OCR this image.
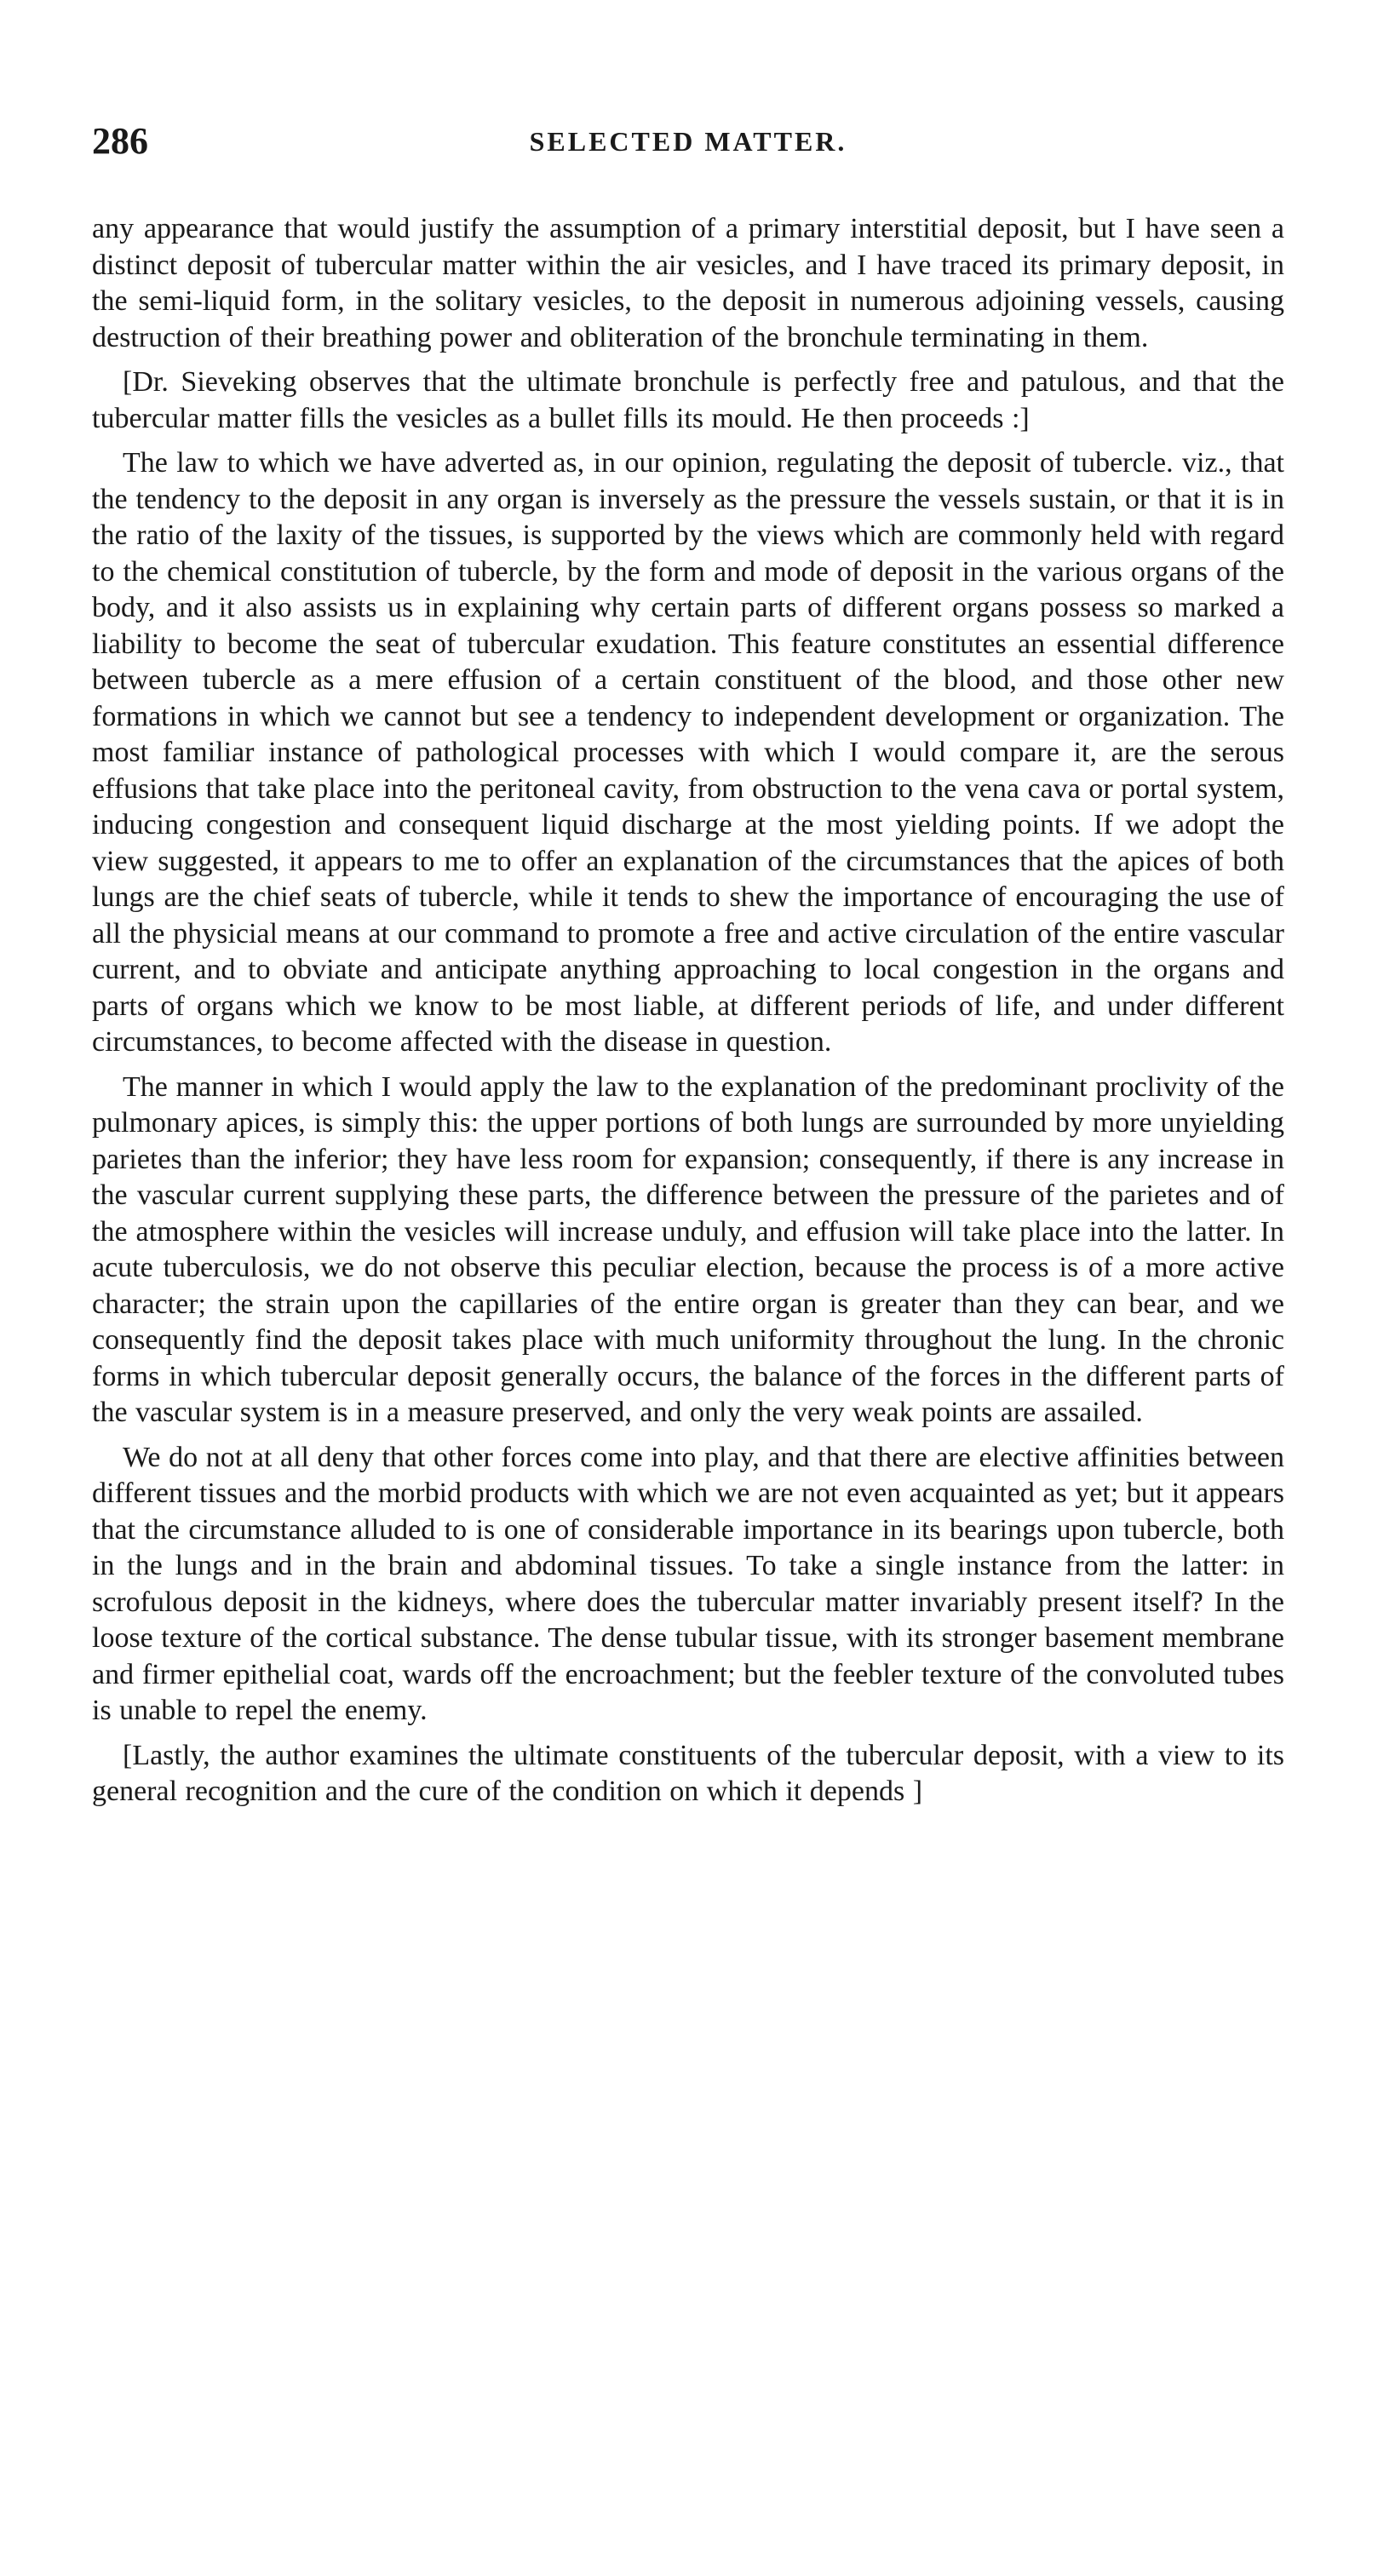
286	SELECTED MATTER.

any appearance that would justify the assumption of a primary interstitial deposit, but I have seen a distinct deposit of tubercular matter within the air vesicles, and I have traced its primary deposit, in the semi-liquid form, in the solitary vesicles, to the deposit in numerous adjoining vessels, causing destruction of their breathing power and obliteration of the bronchule terminating in them.

[Dr. Sieveking observes that the ultimate bronchule is perfectly free and patulous, and that the tubercular matter fills the vesicles as a bullet fills its mould. He then proceeds :]

The law to which we have adverted as, in our opinion, regulating the deposit of tubercle. viz., that the tendency to the deposit in any organ is inversely as the pressure the vessels sustain, or that it is in the ratio of the laxity of the tissues, is supported by the views which are commonly held with regard to the chemical constitution of tubercle, by the form and mode of deposit in the various organs of the body, and it also assists us in explaining why certain parts of different organs possess so marked a liability to become the seat of tubercular exudation. This feature constitutes an essential difference between tubercle as a mere effusion of a certain constituent of the blood, and those other new formations in which we cannot but see a tendency to independent development or organization. The most familiar instance of pathological processes with which I would compare it, are the serous effusions that take place into the peritoneal cavity, from obstruction to the vena cava or portal system, inducing congestion and consequent liquid discharge at the most yielding points. If we adopt the view suggested, it appears to me to offer an explanation of the circumstances that the apices of both lungs are the chief seats of tubercle, while it tends to shew the importance of encouraging the use of all the physicial means at our command to promote a free and active circulation of the entire vascular current, and to obviate and anticipate anything approaching to local congestion in the organs and parts of organs which we know to be most liable, at different periods of life, and under different circumstances, to become affected with the disease in question.

The manner in which I would apply the law to the explanation of the predominant proclivity of the pulmonary apices, is simply this: the upper portions of both lungs are surrounded by more unyielding parietes than the inferior; they have less room for expansion; consequently, if there is any increase in the vascular current supplying these parts, the difference between the pressure of the parietes and of the atmosphere within the vesicles will increase unduly, and effusion will take place into the latter. In acute tuberculosis, we do not observe this peculiar election, because the process is of a more active character; the strain upon the capillaries of the entire organ is greater than they can bear, and we consequently find the deposit takes place with much uniformity throughout the lung. In the chronic forms in which tubercular deposit generally occurs, the balance of the forces in the different parts of the vascular system is in a measure preserved, and only the very weak points are assailed.

We do not at all deny that other forces come into play, and that there are elective affinities between different tissues and the morbid products with which we are not even acquainted as yet; but it appears that the circumstance alluded to is one of considerable importance in its bearings upon tubercle, both in the lungs and in the brain and abdominal tissues. To take a single instance from the latter: in scrofulous deposit in the kidneys, where does the tubercular matter invariably present itself? In the loose texture of the cortical substance. The dense tubular tissue, with its stronger basement membrane and firmer epithelial coat, wards off the encroachment; but the feebler texture of the convoluted tubes is unable to repel the enemy.

[Lastly, the author examines the ultimate constituents of the tubercular deposit, with a view to its general recognition and the cure of the condition on which it depends ]
